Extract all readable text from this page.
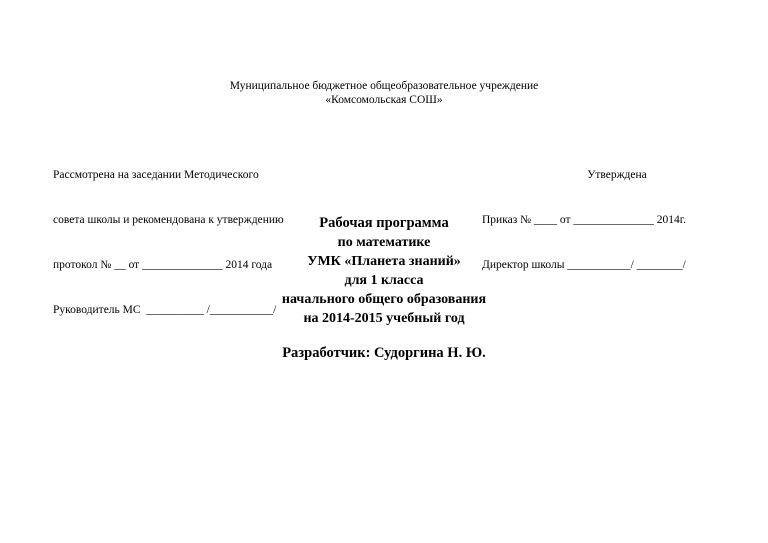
Муниципальное бюджетное общеобразовательное учреждение
«Комсомольская СОШ»

Рассмотрена на заседании Методического

совета школы и рекомендована к утверждению

протокол № __ от ______________ 2014 года

Руководитель МС  __________ /___________/

Утверждена

Приказ № ____ от ______________ 2014г.

Директор школы ___________/ ________/

Рабочая программа
по математике
УМК «Планета знаний»
для 1 класса
начального общего образования
на 2014-2015 учебный год
Разработчик: Судоргина Н. Ю.
